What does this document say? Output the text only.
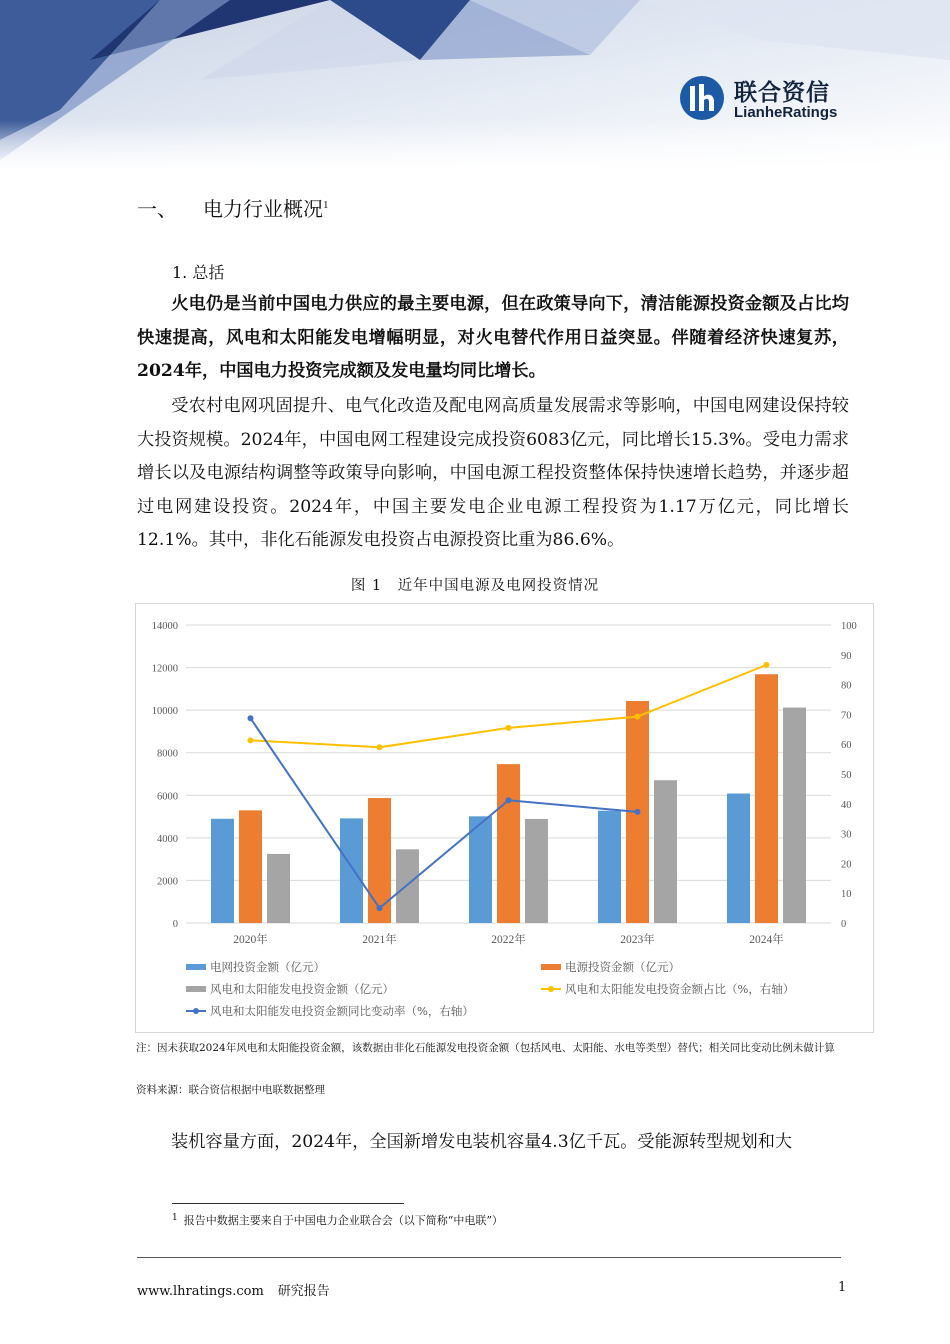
联合资信
LianheRatings
一、 电力行业概况$^1$
1. 总括
火电仍是当前中国电力供应的最主要电源，但在政策导向下，清洁能源投资金额及占比均快速提高，风电和太阳能发电增幅明显，对火电替代作用日益突显。伴随着经济快速复苏，2024年，中国电力投资完成额及发电量均同比增长。
受农村电网巩固提升、电气化改造及配电网高质量发展需求等影响，中国电网建设保持较大投资规模。2024年，中国电网工程建设完成投资6083亿元，同比增长15.3%。受电力需求增长以及电源结构调整等政策导向影响，中国电源工程投资整体保持快速增长趋势，并逐步超过电网建设投资。2024年，中国主要发电企业电源工程投资为1.17万亿元，同比增长12.1%。其中，非化石能源发电投资占电源投资比重为86.6%。
图 1　近年中国电源及电网投资情况
0
2000
4000
6000
8000
10000
12000
14000
0
10
20
30
40
50
60
70
80
90
100
2020年	2021年	2022年	2023年	2024年
电网投资金额（亿元）	电源投资金额（亿元）
风电和太阳能发电投资金额（亿元）	风电和太阳能发电投资金额占比（%，右轴）
风电和太阳能发电投资金额同比变动率（%，右轴）
注：因未获取2024年风电和太阳能投资金额，该数据由非化石能源发电投资金额（包括风电、太阳能、水电等类型）替代；相关同比变动比例未做计算
资料来源：联合资信根据中电联数据整理
装机容量方面，2024年，全国新增发电装机容量4.3亿千瓦。受能源转型规划和大
$^1$ 报告中数据主要来自于中国电力企业联合会（以下简称“中电联”）
www.lhratings.com 研究报告	1
